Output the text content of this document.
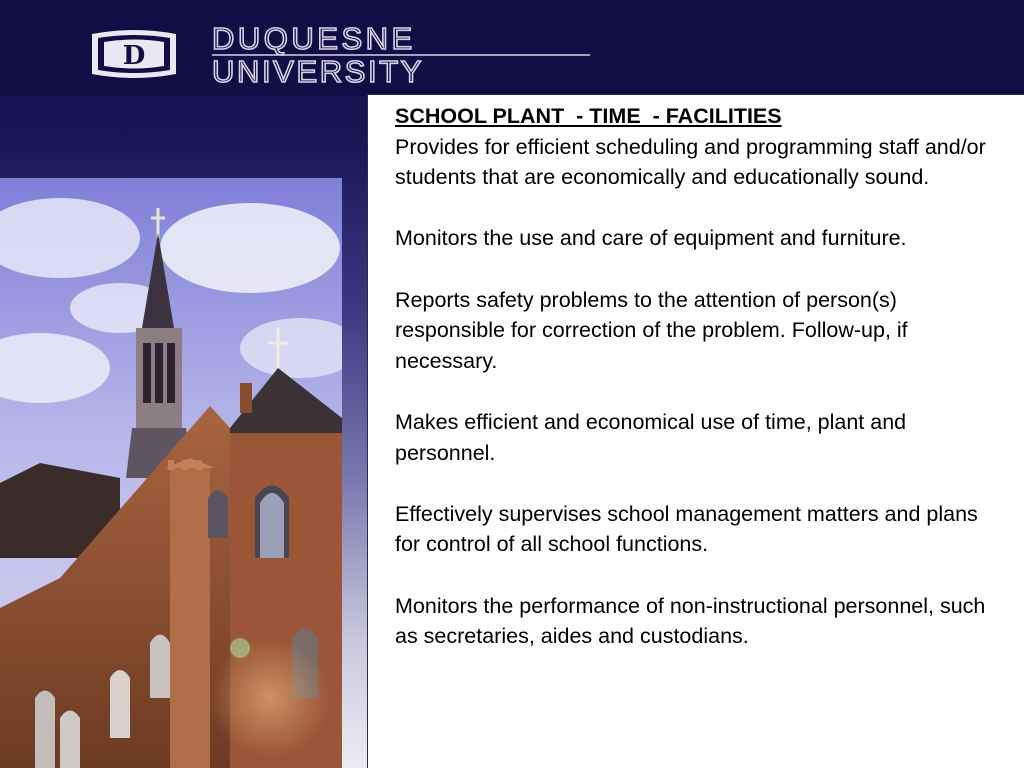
D DUQUESNE
UNIVERSITY
SCHOOL PLANT  - TIME  - FACILITIES

Provides for efficient scheduling and programming staff and/or students that are economically and educationally sound.

Monitors the use and care of equipment and furniture.

Reports safety problems to the attention of person(s) responsible for correction of the problem. Follow-up, if necessary.

Makes efficient and economical use of time, plant and personnel.

Effectively supervises school management matters and plans for control of all school functions.

Monitors the performance of non-instructional personnel, such as secretaries, aides and custodians.
